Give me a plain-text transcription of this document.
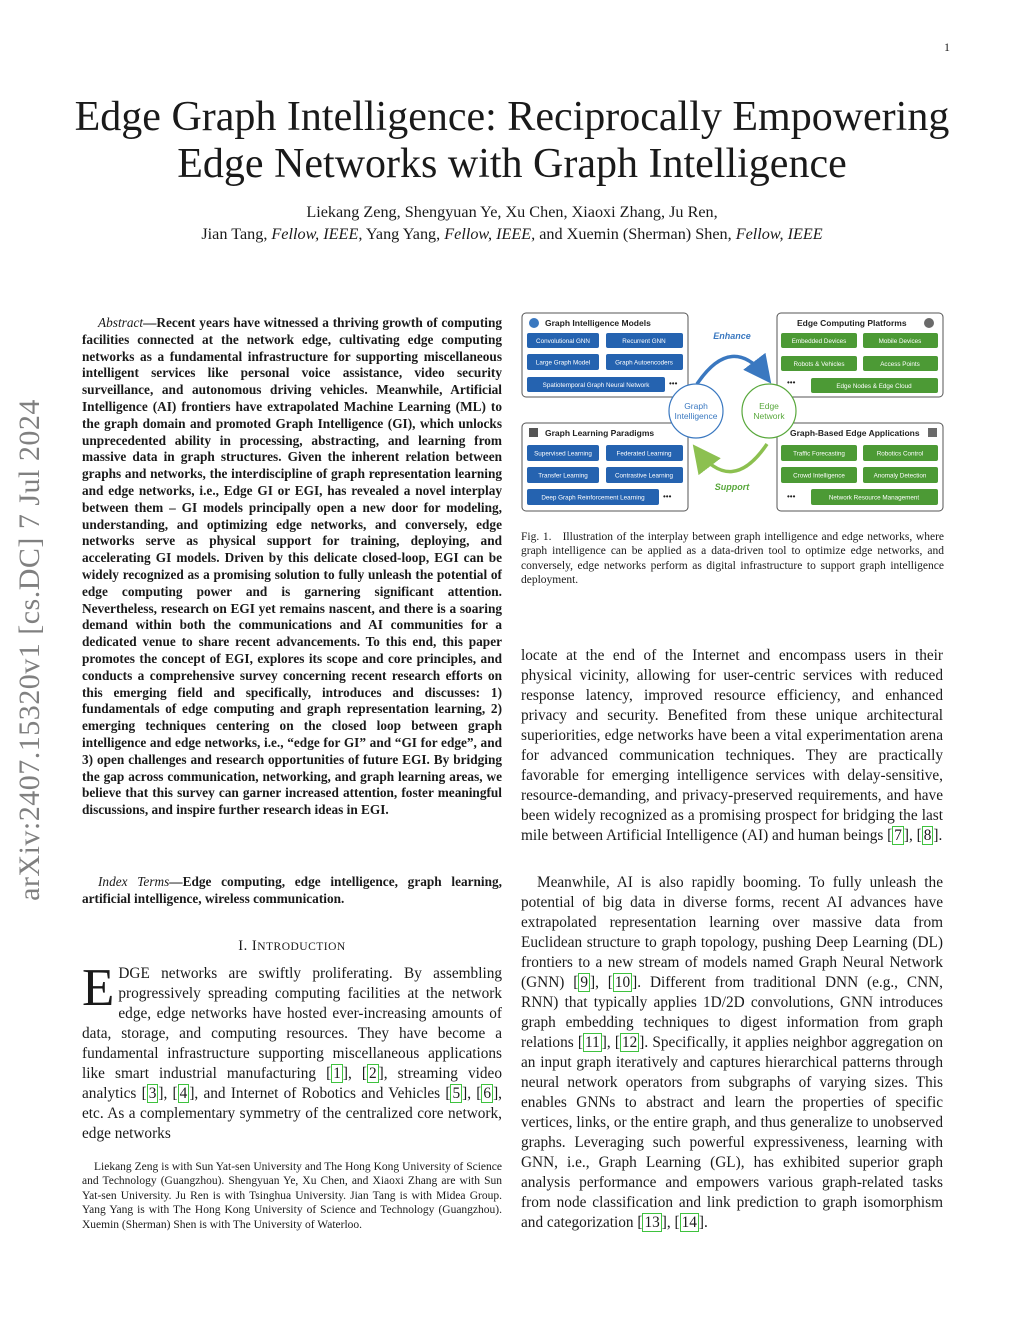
1
arXiv:2407.15320v1 [cs.DC] 7 Jul 2024
Edge Graph Intelligence: Reciprocally Empowering Edge Networks with Graph Intelligence
Liekang Zeng, Shengyuan Ye, Xu Chen, Xiaoxi Zhang, Ju Ren,
Jian Tang, Fellow, IEEE, Yang Yang, Fellow, IEEE, and Xuemin (Sherman) Shen, Fellow, IEEE
Abstract—Recent years have witnessed a thriving growth of computing facilities connected at the network edge, cultivating edge computing networks as a fundamental infrastructure for supporting miscellaneous intelligent services like personal voice assistance, video security surveillance, and autonomous driving vehicles. Meanwhile, Artificial Intelligence (AI) frontiers have extrapolated Machine Learning (ML) to the graph domain and promoted Graph Intelligence (GI), which unlocks unprecedented ability in processing, abstracting, and learning from massive data in graph structures. Given the inherent relation between graphs and networks, the interdiscipline of graph representation learning and edge networks, i.e., Edge GI or EGI, has revealed a novel interplay between them – GI models principally open a new door for modeling, understanding, and optimizing edge networks, and conversely, edge networks serve as physical support for training, deploying, and accelerating GI models. Driven by this delicate closed-loop, EGI can be widely recognized as a promising solution to fully unleash the potential of edge computing power and is garnering significant attention. Nevertheless, research on EGI yet remains nascent, and there is a soaring demand within both the communications and AI communities for a dedicated venue to share recent advancements. To this end, this paper promotes the concept of EGI, explores its scope and core principles, and conducts a comprehensive survey concerning recent research efforts on this emerging field and specifically, introduces and discusses: 1) fundamentals of edge computing and graph representation learning, 2) emerging techniques centering on the closed loop between graph intelligence and edge networks, i.e., “edge for GI” and “GI for edge”, and 3) open challenges and research opportunities of future EGI. By bridging the gap across communication, networking, and graph learning areas, we believe that this survey can garner increased attention, foster meaningful discussions, and inspire further research ideas in EGI.
Index Terms—Edge computing, edge intelligence, graph learning, artificial intelligence, wireless communication.
I. INTRODUCTION
EDGE networks are swiftly proliferating. By assembling progressively spreading computing facilities at the network edge, edge networks have hosted ever-increasing amounts of data, storage, and computing resources. They have become a fundamental infrastructure supporting miscellaneous applications like smart industrial manufacturing [ 1 ], [ 2 ], streaming video analytics [ 3 ], [ 4 ], and Internet of Robotics and Vehicles [ 5 ], [ 6 ], etc. As a complementary symmetry of the centralized core network, edge networks
Liekang Zeng is with Sun Yat-sen University and The Hong Kong University of Science and Technology (Guangzhou). Shengyuan Ye, Xu Chen, and Xiaoxi Zhang are with Sun Yat-sen University. Ju Ren is with Tsinghua University. Jian Tang is with Midea Group. Yang Yang is with The Hong Kong University of Science and Technology (Guangzhou). Xuemin (Sherman) Shen is with The University of Waterloo.
Graph Intelligence Models
Convolutional GNN	Recurrent GNN
Large Graph Model	Graph Autoencoders
Spatiotemporal Graph Neural Network •••
Edge Computing Platforms
Embedded Devices	Mobile Devices
Robots & Vehicles	Access Points
•••	Edge Nodes & Edge Cloud
Graph Learning Paradigms
Supervised Learning	Federated Learning
Transfer Learning	Contrastive Learning
Deep Graph Reinforcement Learning •••
Graph-Based Edge Applications
Traffic Forecasting	Robotics Control
Crowd Intelligence	Anomaly Detection
•••	Network Resource Management
Enhance
Support
Graph
Intelligence
Edge
Network
Fig. 1. Illustration of the interplay between graph intelligence and edge networks, where graph intelligence can be applied as a data-driven tool to optimize edge networks, and conversely, edge networks perform as digital infrastructure to support graph intelligence deployment.
locate at the end of the Internet and encompass users in their physical vicinity, allowing for user-centric services with reduced response latency, improved resource efficiency, and enhanced privacy and security. Benefited from these unique architectural superiorities, edge networks have been a vital experimentation arena for advanced communication techniques. They are practically favorable for emerging intelligence services with delay-sensitive, resource-demanding, and privacy-preserved requirements, and have been widely recognized as a promising prospect for bridging the last mile between Artificial Intelligence (AI) and human beings [ 7 ], [ 8 ].
Meanwhile, AI is also rapidly booming. To fully unleash the potential of big data in diverse forms, recent AI advances have extrapolated representation learning over massive data from Euclidean structure to graph topology, pushing Deep Learning (DL) frontiers to a new stream of models named Graph Neural Network (GNN) [ 9 ], [ 10 ]. Different from traditional DNN (e.g., CNN, RNN) that typically applies 1D/2D convolutions, GNN introduces graph embedding techniques to digest information from graph relations [ 11 ], [ 12 ]. Specifically, it applies neighbor aggregation on an input graph iteratively and captures hierarchical patterns through neural network operators from subgraphs of varying sizes. This enables GNNs to abstract and learn the properties of specific vertices, links, or the entire graph, and thus generalize to unobserved graphs. Leveraging such powerful expressiveness, learning with GNN, i.e., Graph Learning (GL), has exhibited superior graph analysis performance and empowers various graph-related tasks from node classification and link prediction to graph isomorphism and categorization [ 13 ], [ 14 ].
